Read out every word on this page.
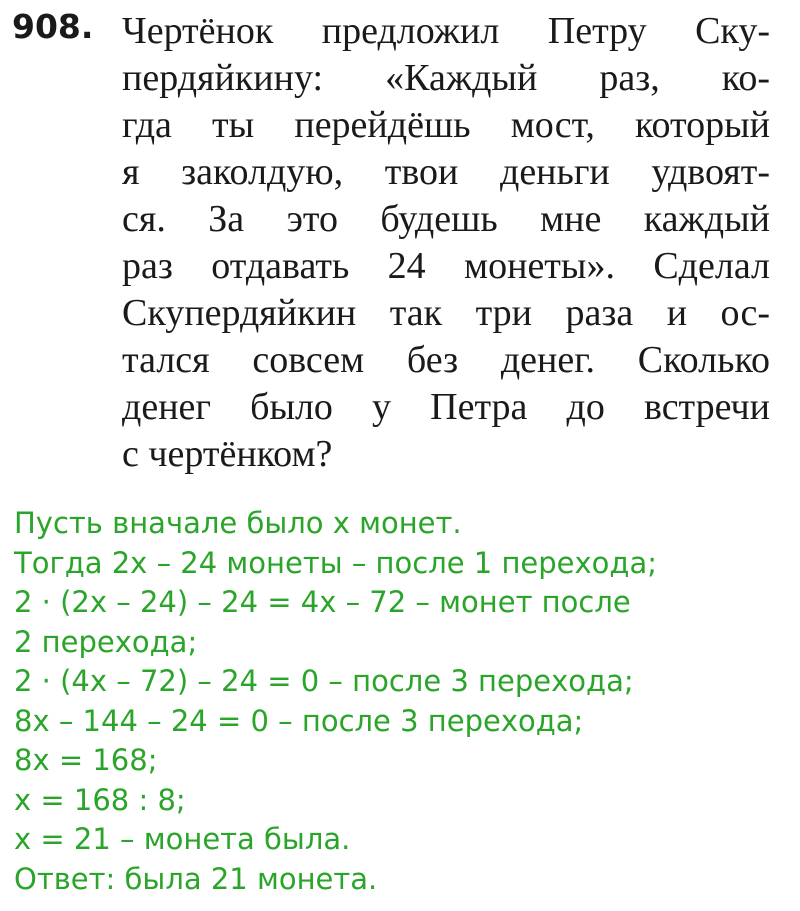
908. Чертёнок предложил Петру Ску-
пердяйкину: «Каждый раз, ко-
гда ты перейдёшь мост, который
я заколдую, твои деньги удвоят-
ся. За это будешь мне каждый
раз отдавать 24 монеты». Сделал
Скупердяйкин так три раза и ос-
тался совсем без денег. Сколько
денег было у Петра до встречи
с чертёнком?
Пусть вначале было х монет.
Тогда 2х – 24 монеты – после 1 перехода;
2 · (2х – 24) – 24 = 4х – 72 – монет после
2 перехода;
2 · (4х – 72) – 24 = 0 – после 3 перехода;
8х – 144 – 24 = 0 – после 3 перехода;
8х = 168;
х = 168 : 8;
х = 21 – монета была.
Ответ: была 21 монета.
